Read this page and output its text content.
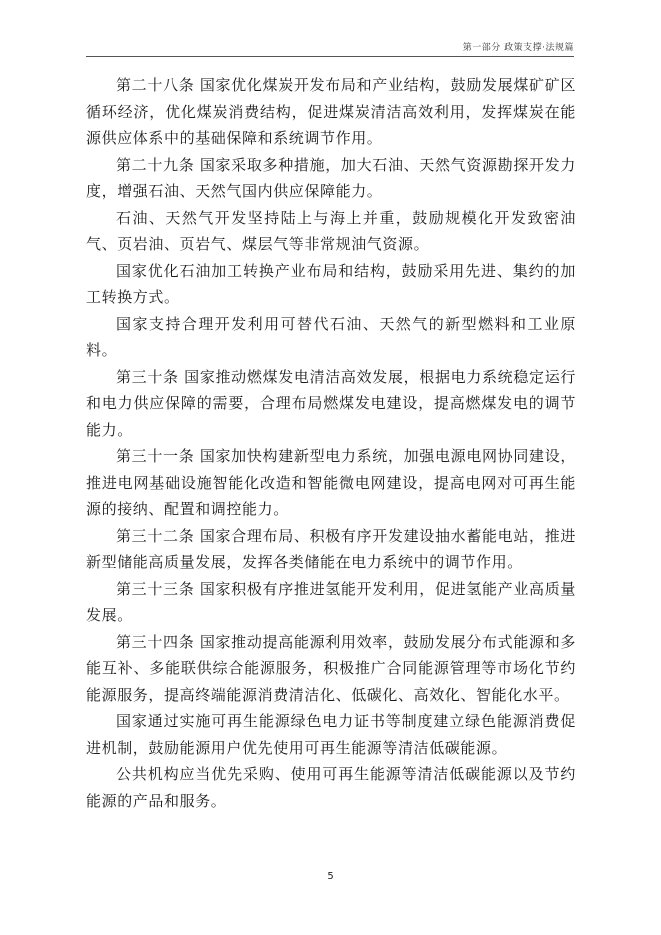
第一部分 政策支撑·法规篇

第二十八条 国家优化煤炭开发布局和产业结构，鼓励发展煤矿矿区循环经济，优化煤炭消费结构，促进煤炭清洁高效利用，发挥煤炭在能源供应体系中的基础保障和系统调节作用。

第二十九条 国家采取多种措施，加大石油、天然气资源勘探开发力度，增强石油、天然气国内供应保障能力。

石油、天然气开发坚持陆上与海上并重，鼓励规模化开发致密油气、页岩油、页岩气、煤层气等非常规油气资源。

国家优化石油加工转换产业布局和结构，鼓励采用先进、集约的加工转换方式。

国家支持合理开发利用可替代石油、天然气的新型燃料和工业原料。

第三十条 国家推动燃煤发电清洁高效发展，根据电力系统稳定运行和电力供应保障的需要，合理布局燃煤发电建设，提高燃煤发电的调节能力。

第三十一条 国家加快构建新型电力系统，加强电源电网协同建设，推进电网基础设施智能化改造和智能微电网建设，提高电网对可再生能源的接纳、配置和调控能力。

第三十二条 国家合理布局、积极有序开发建设抽水蓄能电站，推进新型储能高质量发展，发挥各类储能在电力系统中的调节作用。

第三十三条 国家积极有序推进氢能开发利用，促进氢能产业高质量发展。

第三十四条 国家推动提高能源利用效率，鼓励发展分布式能源和多能互补、多能联供综合能源服务，积极推广合同能源管理等市场化节约能源服务，提高终端能源消费清洁化、低碳化、高效化、智能化水平。

国家通过实施可再生能源绿色电力证书等制度建立绿色能源消费促进机制，鼓励能源用户优先使用可再生能源等清洁低碳能源。

公共机构应当优先采购、使用可再生能源等清洁低碳能源以及节约能源的产品和服务。

5
